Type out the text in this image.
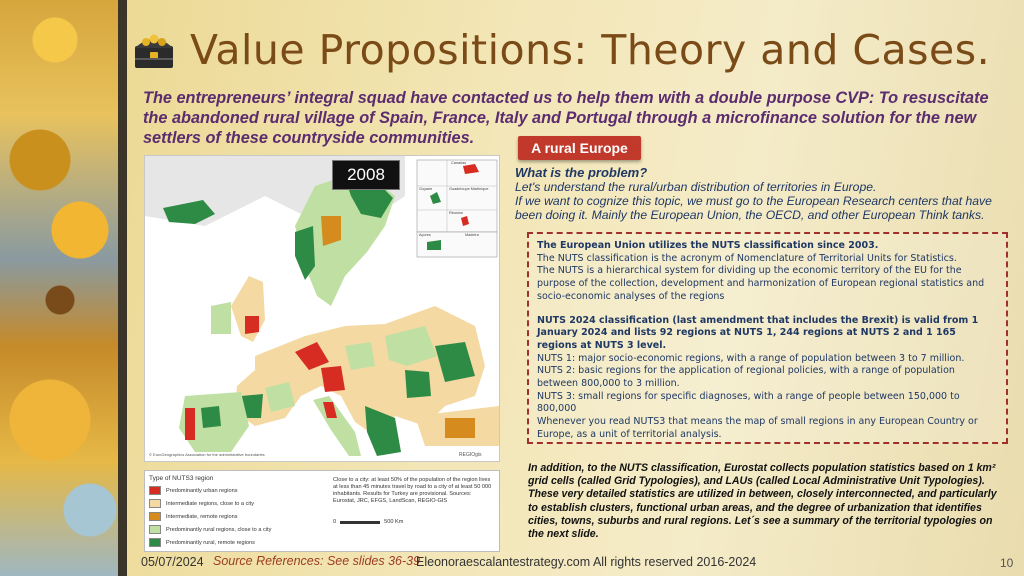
Value Propositions: Theory and Cases.
The entrepreneurs’ integral squad have contacted us to help them with a double purpose CVP: To resuscitate the abandoned rural village of Spain, France, Italy and Portugal through a microfinance solution for the new settlers of these countryside communities.
Canarias
Guyane	Guadeloupe Martinique
Réunion
Açores	Madeira
© EuroGeographics Association for the administrative boundaries	REGIOgis
2008
Type of NUTS3 region
Predominantly urban regions
Intermediate regions, close to a city
Intermediate, remote regions
Predominantly rural regions, close to a city
Predominantly rural, remote regions
Close to a city: at least 50% of the population of the region lives at less than 45 minutes travel by road to a city of at least 50 000 inhabitants. Results for Turkey are provisional. Sources: Eurostat, JRC, EFGS, LandScan, REGIO-GIS
0	500 Km
A rural Europe
What is the problem?
Let's understand the rural/urban distribution of territories in Europe.
If we want to cognize this topic, we must go to the European Research centers that have been doing it. Mainly the European Union, the OECD, and other European Think tanks.

The European Union utilizes the NUTS classification since 2003.

The NUTS classification is the acronym of Nomenclature of Territorial Units for Statistics.

The NUTS is a hierarchical system for dividing up the economic territory of the EU for the purpose of the collection, development and harmonization of European regional statistics and socio-economic analyses of the regions

NUTS 2024 classification (last amendment that includes the Brexit) is valid from 1 January 2024 and lists 92 regions at NUTS 1, 244 regions at NUTS 2 and 1 165 regions at NUTS 3 level.

NUTS 1: major socio-economic regions, with a range of population between 3 to 7 million.

NUTS 2: basic regions for the application of regional policies, with a range of population between 800,000 to 3 million.

NUTS 3: small regions for specific diagnoses, with a range of people between 150,000 to 800,000

Whenever you read NUTS3 that means the map of small regions in any European Country or Europe, as a unit of territorial analysis.

In addition, to the NUTS classification, Eurostat collects population statistics based on 1 km² grid cells (called Grid Typologies), and LAUs (called Local Administrative Unit Typologies). These very detailed statistics are utilized in between, closely interconnected, and particularly to establish clusters, functional urban areas, and the degree of urbanization that identifies cities, towns, suburbs and rural regions. Let´s see a summary of the territorial typologies on the next slide.
05/07/2024 Source References: See slides 36-39
Eleonoraescalantestrategy.com All rights reserved 2016-2024	10
